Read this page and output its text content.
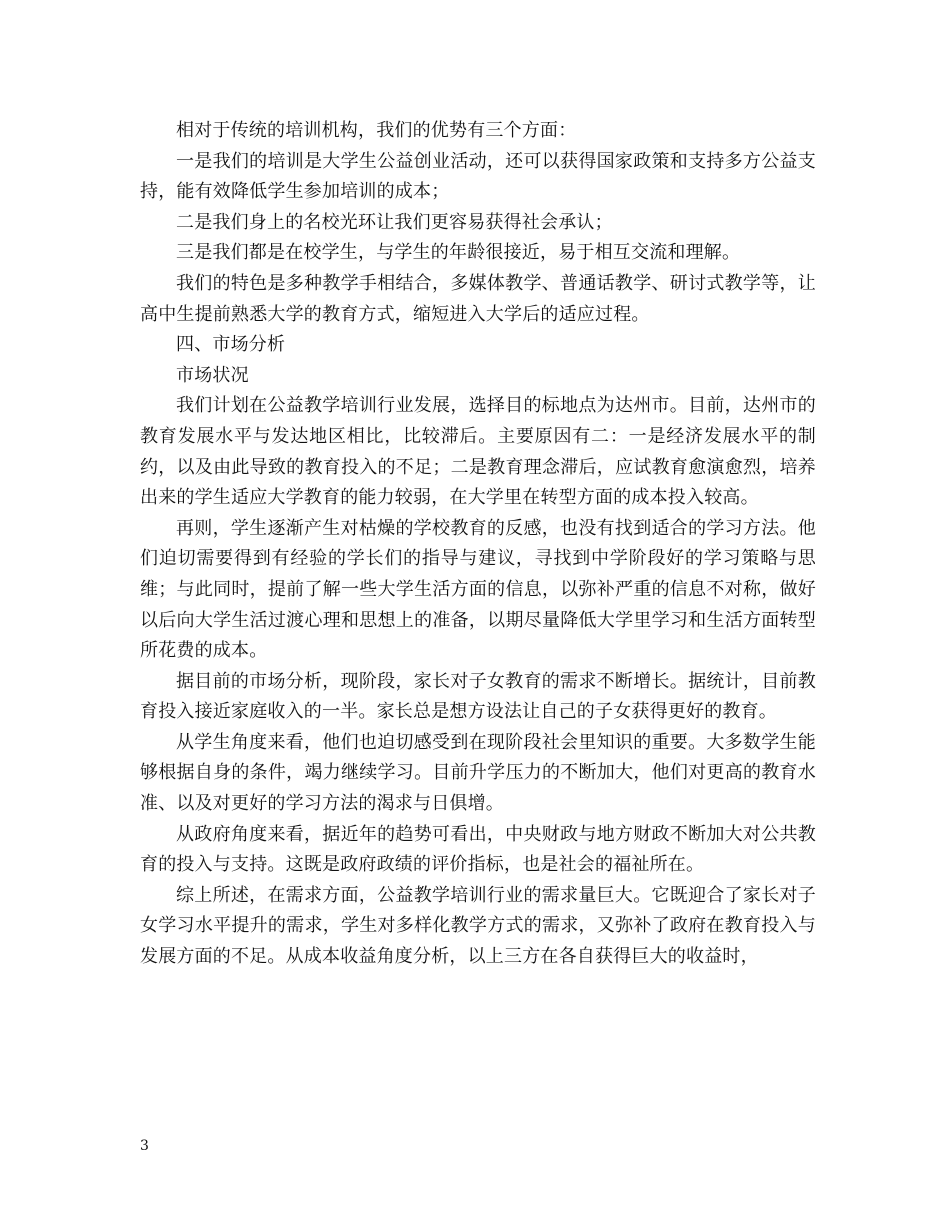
相对于传统的培训机构，我们的优势有三个方面：

一是我们的培训是大学生公益创业活动，还可以获得国家政策和支持多方公益支持，能有效降低学生参加培训的成本；

二是我们身上的名校光环让我们更容易获得社会承认；

三是我们都是在校学生，与学生的年龄很接近，易于相互交流和理解。

我们的特色是多种教学手相结合，多媒体教学、普通话教学、研讨式教学等，让高中生提前熟悉大学的教育方式，缩短进入大学后的适应过程。

四、市场分析

市场状况

我们计划在公益教学培训行业发展，选择目的标地点为达州市。目前，达州市的教育发展水平与发达地区相比，比较滞后。主要原因有二：一是经济发展水平的制约，以及由此导致的教育投入的不足；二是教育理念滞后，应试教育愈演愈烈，培养出来的学生适应大学教育的能力较弱，在大学里在转型方面的成本投入较高。

再则，学生逐渐产生对枯燥的学校教育的反感，也没有找到适合的学习方法。他们迫切需要得到有经验的学长们的指导与建议，寻找到中学阶段好的学习策略与思维；与此同时，提前了解一些大学生活方面的信息，以弥补严重的信息不对称，做好以后向大学生活过渡心理和思想上的准备，以期尽量降低大学里学习和生活方面转型所花费的成本。

据目前的市场分析，现阶段，家长对子女教育的需求不断增长。据统计，目前教育投入接近家庭收入的一半。家长总是想方设法让自己的子女获得更好的教育。

从学生角度来看，他们也迫切感受到在现阶段社会里知识的重要。大多数学生能够根据自身的条件，竭力继续学习。目前升学压力的不断加大，他们对更高的教育水准、以及对更好的学习方法的渴求与日俱增。

从政府角度来看，据近年的趋势可看出，中央财政与地方财政不断加大对公共教育的投入与支持。这既是政府政绩的评价指标，也是社会的福祉所在。

综上所述，在需求方面，公益教学培训行业的需求量巨大。它既迎合了家长对子女学习水平提升的需求，学生对多样化教学方式的需求，又弥补了政府在教育投入与发展方面的不足。从成本收益角度分析，以上三方在各自获得巨大的收益时，

3
